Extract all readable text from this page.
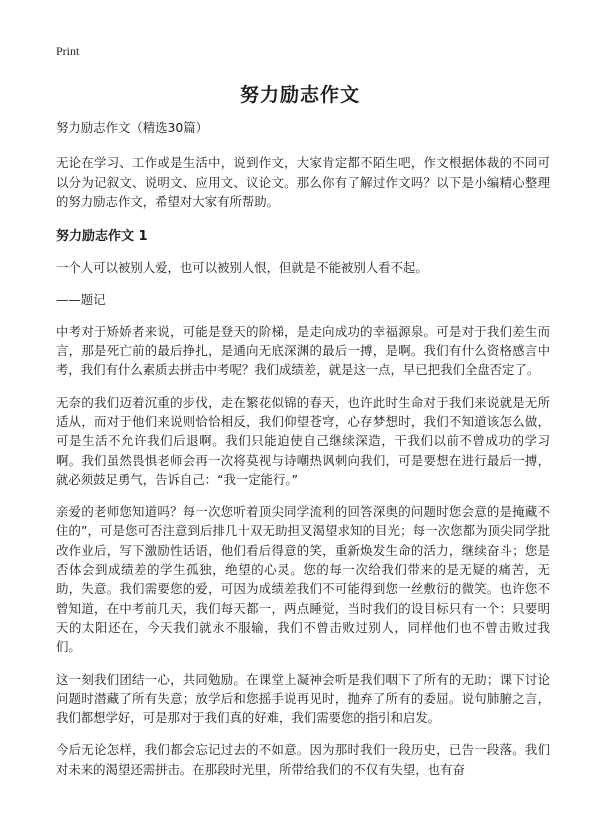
Print
努力励志作文

努力励志作文（精选30篇）

无论在学习、工作或是生活中，说到作文，大家肯定都不陌生吧，作文根据体裁的不同可以分为记叙文、说明文、应用文、议论文。那么你有了解过作文吗？以下是小编精心整理的努力励志作文，希望对大家有所帮助。

努力励志作文 1

一个人可以被别人爱，也可以被别人恨，但就是不能被别人看不起。

——题记

中考对于矫娇者来说，可能是登天的阶梯，是走向成功的幸福源泉。可是对于我们差生而言，那是死亡前的最后挣扎，是通向无底深渊的最后一搏，是啊。我们有什么资格感言中考，我们有什么素质去拼击中考呢？我们成绩差，就是这一点，早已把我们全盘否定了。

无奈的我们迈着沉重的步伐，走在繁花似锦的春天，也许此时生命对于我们来说就是无所适从，而对于他们来说则恰恰相反，我们仰望苍穹，心存梦想时，我们不知道该怎么做，可是生活不允许我们后退啊。我们只能迫使自己继续深造，干我们以前不曾成功的学习啊。我们虽然畏惧老师会再一次将莫视与诗嘲热讽刺向我们，可是要想在进行最后一搏，就必须鼓足勇气，告诉自己：“我一定能行。”

亲爱的老师您知道吗？每一次您听着顶尖同学流利的回答深奥的问题时您会意的是掩藏不住的”，可是您可否注意到后排几十双无助担叉渴望求知的目光；每一次您都为顶尖同学批改作业后，写下激励性话语，他们看后得意的笑，重新焕发生命的活力，继续奋斗；您是否体会到成绩差的学生孤独，绝望的心灵。您的每一次给我们带来的是无疑的痛苦，无助，失意。我们需要您的爱，可因为成绩差我们不可能得到您一丝敷衍的微笑。也许您不曾知道，在中考前几天，我们每天都一，两点睡觉，当时我们的设目标只有一个：只要明天的太阳还在，今天我们就永不服输，我们不曾击败过别人，同样他们也不曾击败过我们。

这一刻我们团结一心，共同勉励。在课堂上凝神会听是我们咽下了所有的无助；课下讨论问题时潜藏了所有失意；放学后和您摇手说再见时，抛弃了所有的委屈。说句肺腑之言，我们都想学好，可是那对于我们真的好难，我们需要您的指引和启发。

今后无论怎样，我们都会忘记过去的不如意。因为那时我们一段历史，已告一段落。我们对未来的渴望还需拼击。在那段时光里，所带给我们的不仅有失望，也有奋
